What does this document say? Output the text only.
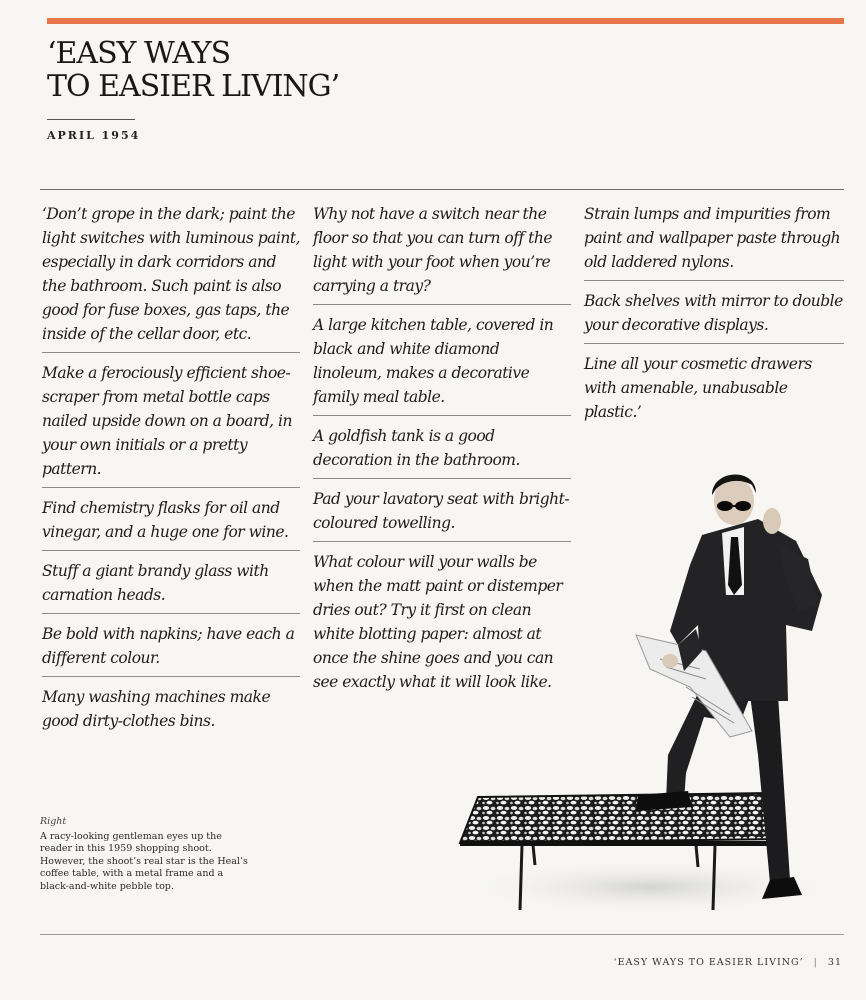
‘EASY WAYS
TO EASIER LIVING’
APRIL 1954
‘Don’t grope in the dark; paint the light switches with luminous paint, especially in dark corridors and the bathroom. Such paint is also good for fuse boxes, gas taps, the inside of the cellar door, etc.
Make a ferociously efficient shoe-scraper from metal bottle caps nailed upside down on a board, in your own initials or a pretty pattern.
Find chemistry flasks for oil and vinegar, and a huge one for wine.
Stuff a giant brandy glass with carnation heads.
Be bold with napkins; have each a different colour.
Many washing machines make good dirty-clothes bins.
Why not have a switch near the floor so that you can turn off the light with your foot when you’re carrying a tray?
A large kitchen table, covered in black and white diamond linoleum, makes a decorative family meal table.
A goldfish tank is a good decoration in the bathroom.
Pad your lavatory seat with bright-coloured towelling.
What colour will your walls be when the matt paint or distemper dries out? Try it first on clean white blotting paper: almost at once the shine goes and you can see exactly what it will look like.
Strain lumps and impurities from paint and wallpaper paste through old laddered nylons.
Back shelves with mirror to double your decorative displays.
Line all your cosmetic drawers with amenable, unabusable plastic.’
Right
A racy-looking gentleman eyes up the reader in this 1959 shopping shoot. However, the shoot’s real star is the Heal’s coffee table, with a metal frame and a black-and-white pebble top.
‘EASY WAYS TO EASIER LIVING’ | 31
